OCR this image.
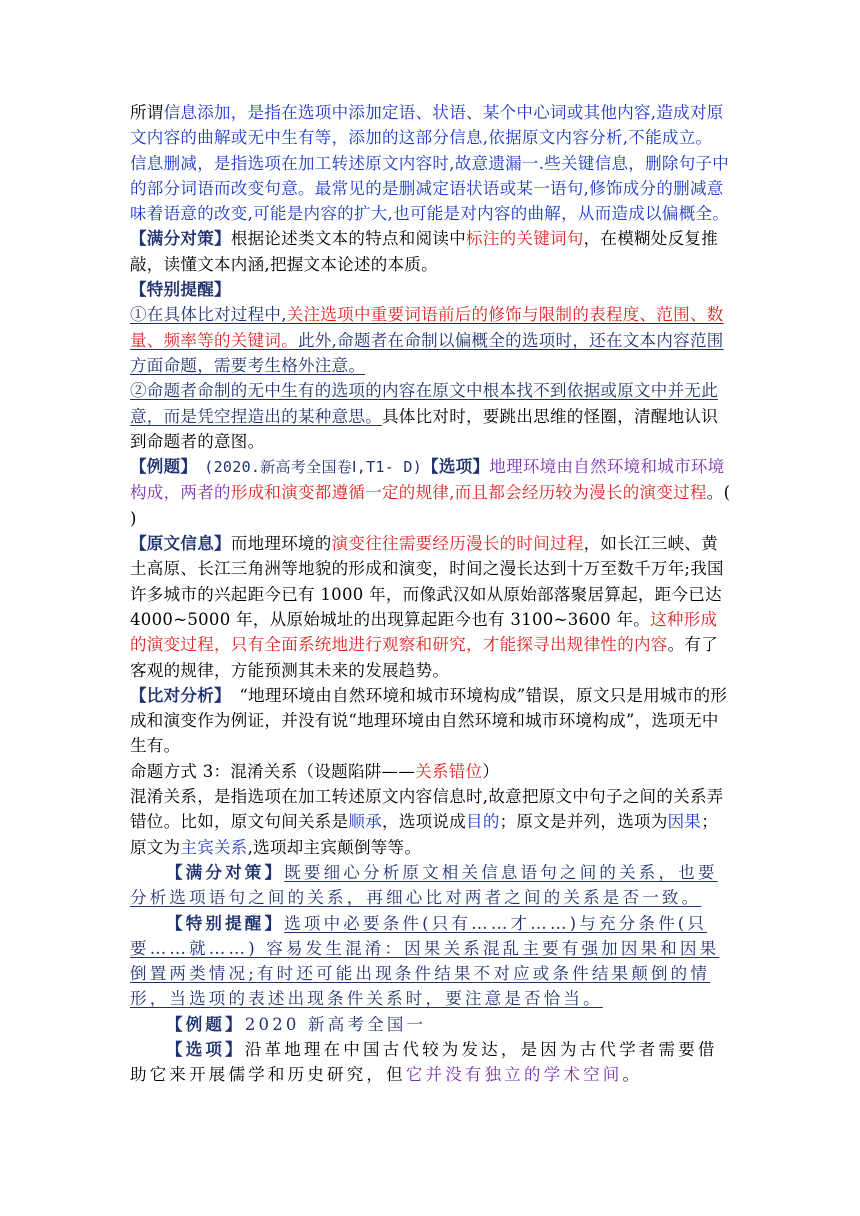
所谓信息添加，是指在选项中添加定语、状语、某个中心词或其他内容,造成对原文内容的曲解或无中生有等，添加的这部分信息,依据原文内容分析,不能成立。

信息删减，是指选项在加工转述原文内容时,故意遗漏一.些关键信息，删除句子中的部分词语而改变句意。最常见的是删减定语状语或某一语句,修饰成分的删减意味着语意的改变,可能是内容的扩大,也可能是对内容的曲解，从而造成以偏概全。

【满分对策】根据论述类文本的特点和阅读中标注的关键词句，在模糊处反复推敲，读懂文本内涵,把握文本论述的本质。

【特别提醒】

①在具体比对过程中,关注选项中重要词语前后的修饰与限制的表程度、范围、数量、频率等的关键词。此外,命题者在命制以偏概全的选项时，还在文本内容范围方面命题，需要考生格外注意。

②命题者命制的无中生有的选项的内容在原文中根本找不到依据或原文中并无此意，而是凭空捏造出的某种意思。具体比对时，要跳出思维的怪圈，清醒地认识到命题者的意图。

【例题】　(2020.新高考全国卷Ⅰ,T1- D)【选项】地理环境由自然环境和城市环境构成，两者的形成和演变都遵循一定的规律,而且都会经历较为漫长的演变过程。(　　　　)

【原文信息】而地理环境的演变往往需要经历漫长的时间过程，如长江三峡、黄土高原、长江三角洲等地貌的形成和演变，时间之漫长达到十万至数千万年;我国许多城市的兴起距今已有 1000 年，而像武汉如从原始部落聚居算起，距今已达 4000~5000 年，从原始城址的出现算起距今也有 3100~3600 年。这种形成的演变过程，只有全面系统地进行观察和研究，才能探寻出规律性的内容。有了客观的规律，方能预测其未来的发展趋势。

【比对分析】　“地理环境由自然环境和城市环境构成”错误，原文只是用城市的形成和演变作为例证，并没有说“地理环境由自然环境和城市环境构成”，选项无中生有。

命题方式 3：混淆关系（设题陷阱——关系错位）

混淆关系，是指选项在加工转述原文内容信息时,故意把原文中句子之间的关系弄错位。比如，原文句间关系是顺承，选项说成目的；原文是并列，选项为因果；原文为主宾关系,选项却主宾颠倒等等。

【满分对策】既要细心分析原文相关信息语句之间的关系，也要分析选项语句之间的关系，再细心比对两者之间的关系是否一致。

【特别提醒】选项中必要条件(只有……才……)与充分条件(只要……就……) 容易发生混淆：因果关系混乱主要有强加因果和因果倒置两类情况;有时还可能出现条件结果不对应或条件结果颠倒的情形，当选项的表述出现条件关系时，要注意是否恰当。

【例题】2020 新高考全国一

【选项】沿革地理在中国古代较为发达，是因为古代学者需要借助它来开展儒学和历史研究，但它并没有独立的学术空间。
